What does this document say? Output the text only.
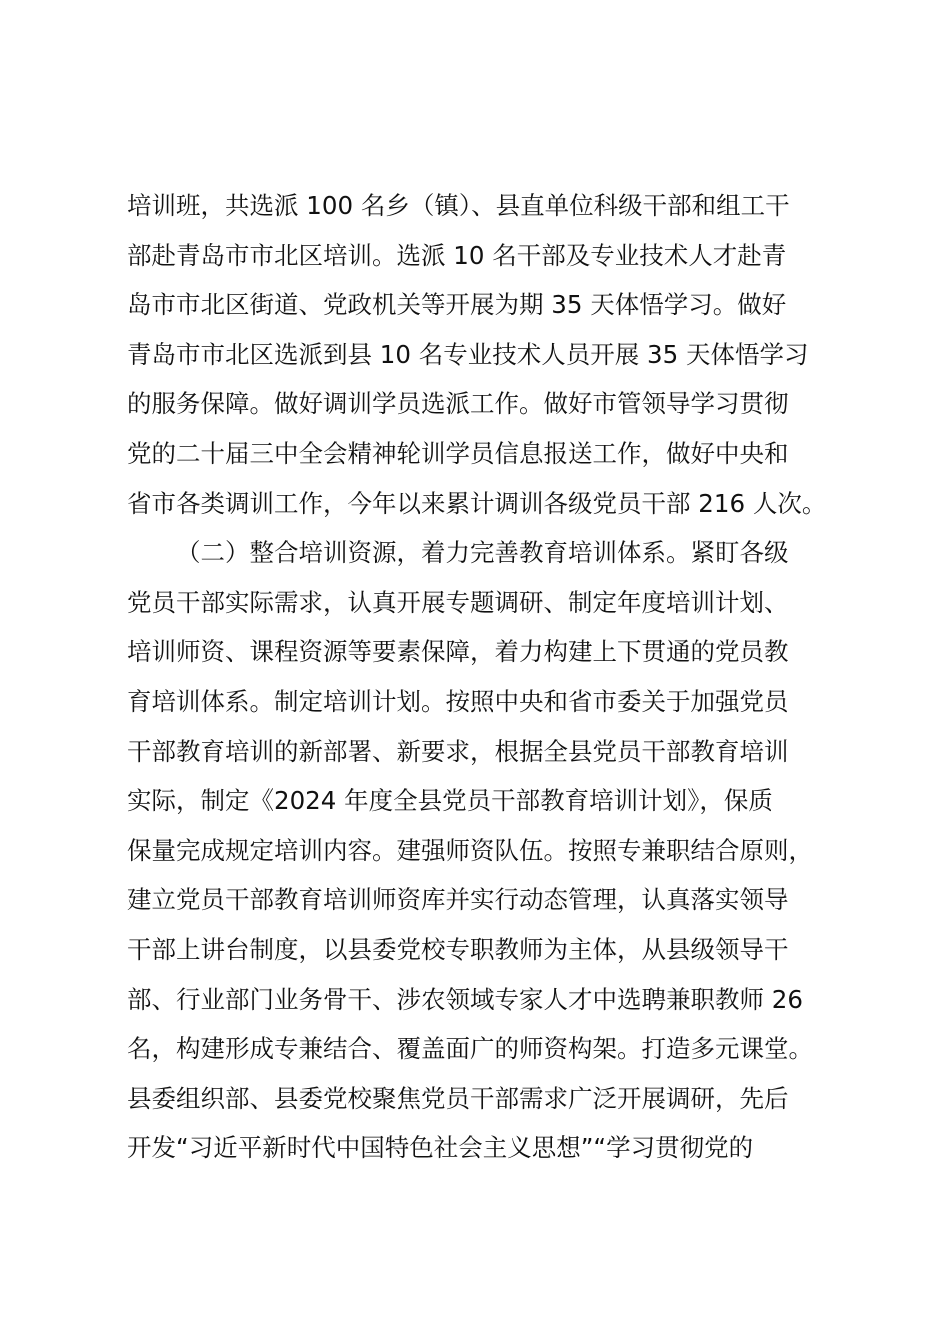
培训班，共选派 100 名乡（镇）、县直单位科级干部和组工干
部赴青岛市市北区培训。选派 10 名干部及专业技术人才赴青
岛市市北区街道、党政机关等开展为期 35 天体悟学习。做好
青岛市市北区选派到县 10 名专业技术人员开展 35 天体悟学习
的服务保障。做好调训学员选派工作。做好市管领导学习贯彻
党的二十届三中全会精神轮训学员信息报送工作，做好中央和
省市各类调训工作，今年以来累计调训各级党员干部 216 人次。
（二）整合培训资源，着力完善教育培训体系。紧盯各级
党员干部实际需求，认真开展专题调研、制定年度培训计划、
培训师资、课程资源等要素保障，着力构建上下贯通的党员教
育培训体系。制定培训计划。按照中央和省市委关于加强党员
干部教育培训的新部署、新要求，根据全县党员干部教育培训
实际，制定《2024 年度全县党员干部教育培训计划》，保质
保量完成规定培训内容。建强师资队伍。按照专兼职结合原则，
建立党员干部教育培训师资库并实行动态管理，认真落实领导
干部上讲台制度，以县委党校专职教师为主体，从县级领导干
部、行业部门业务骨干、涉农领域专家人才中选聘兼职教师 26
名，构建形成专兼结合、覆盖面广的师资构架。打造多元课堂。
县委组织部、县委党校聚焦党员干部需求广泛开展调研，先后
开发“习近平新时代中国特色社会主义思想”“学习贯彻党的
